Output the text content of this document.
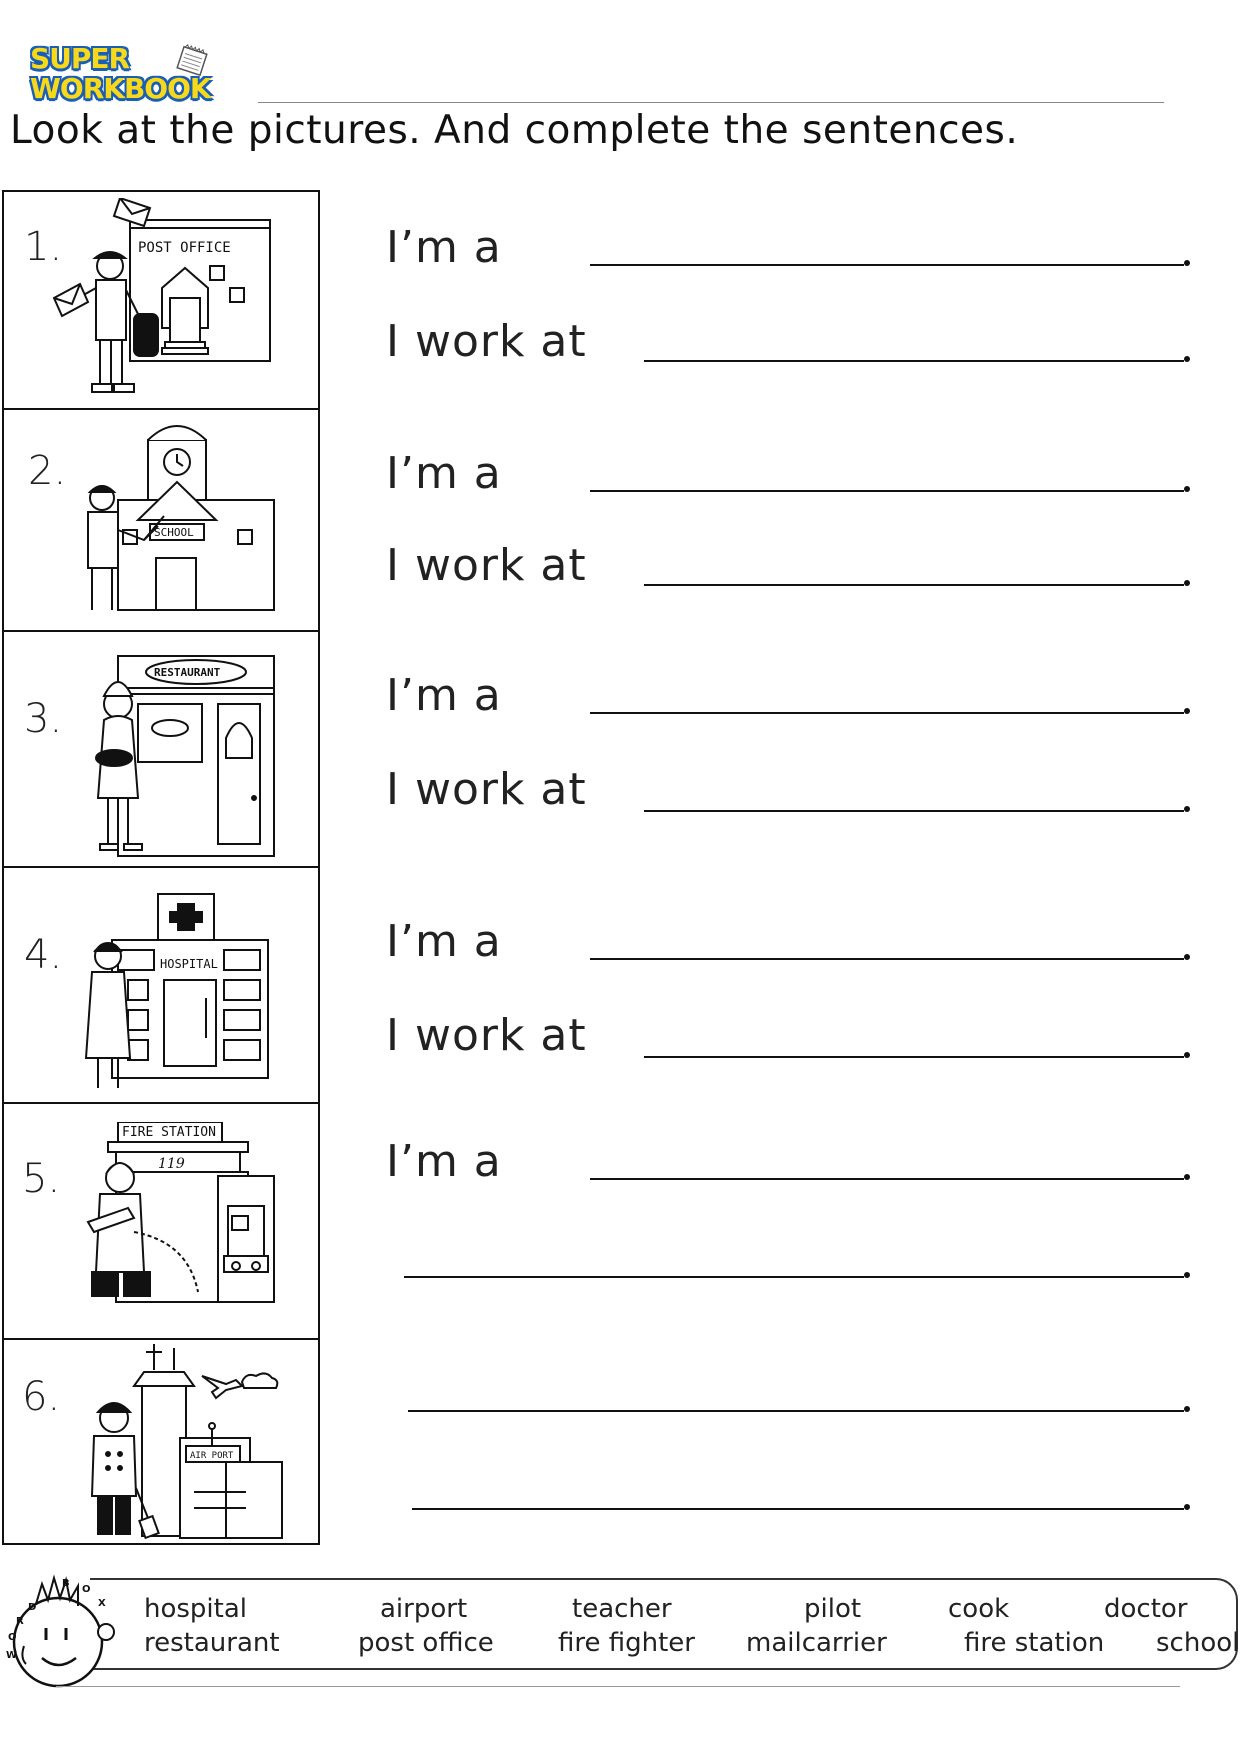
SUPER
WORKBOOK
Look at the pictures. And complete the sentences.
1.	POST OFFICE
2.
SCHOOL
3.
RESTAURANT
4.	HOSPITAL
5.
FIRE STATION
119
6.
AIR PORT
I’m a
I work at
I’m a
I work at
I’m a
I work at
I’m a
I work at
I’m a
W
O
R
D
B
O
X hospital	airport	teacher	pilot	cook	doctor
restaurant	post office fire fighter mailcarrier	fire station school
